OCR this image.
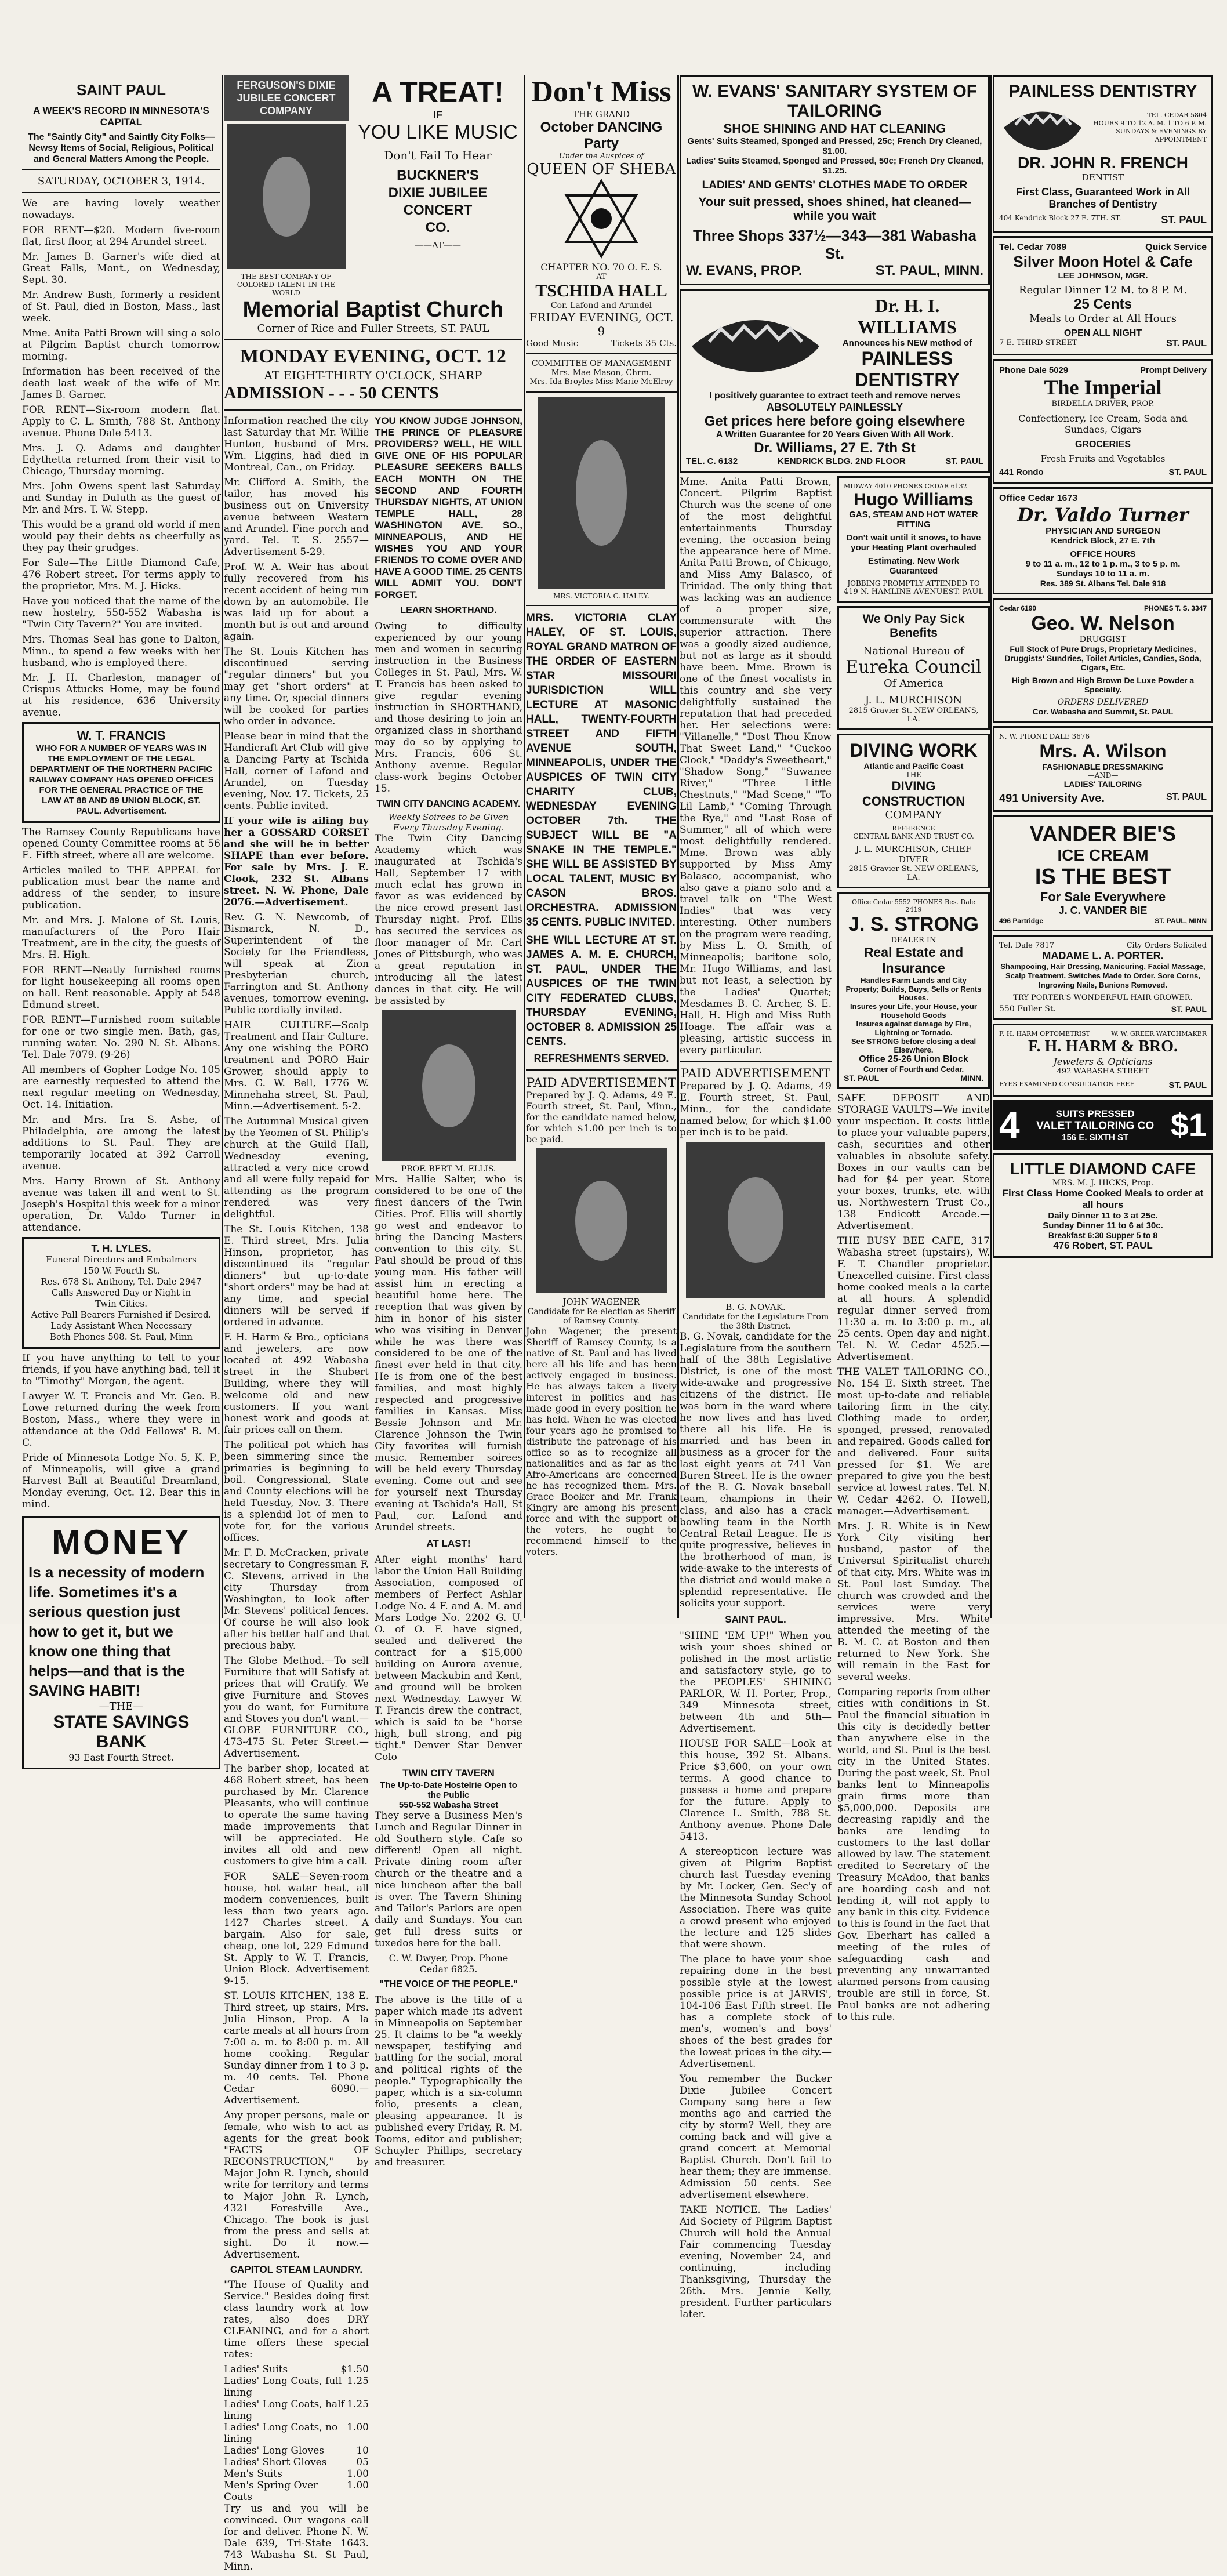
SAINT PAUL
A WEEK'S RECORD IN MINNESOTA'S CAPITAL
The "Saintly City" and Saintly City Folks—Newsy Items of Social, Religious, Political and General Matters Among the People.
SATURDAY, OCTOBER 3, 1914.

We are having lovely weather nowadays.

FOR RENT—$20. Modern five-room flat, first floor, at 294 Arundel street.

Mr. James B. Garner's wife died at Great Falls, Mont., on Wednesday, Sept. 30.

Mr. Andrew Bush, formerly a resident of St. Paul, died in Boston, Mass., last week.

Mme. Anita Patti Brown will sing a solo at Pilgrim Baptist church tomorrow morning.

Information has been received of the death last week of the wife of Mr. James B. Garner.

FOR RENT—Six-room modern flat. Apply to C. L. Smith, 788 St. Anthony avenue. Phone Dale 5413.

Mrs. J. Q. Adams and daughter Edythetta returned from their visit to Chicago, Thursday morning.

Mrs. John Owens spent last Saturday and Sunday in Duluth as the guest of Mr. and Mrs. T. W. Stepp.

This would be a grand old world if men would pay their debts as cheerfully as they pay their grudges.

For Sale—The Little Diamond Cafe, 476 Robert street. For terms apply to the proprietor, Mrs. M. J. Hicks.

Have you noticed that the name of the new hostelry, 550-552 Wabasha is "Twin City Tavern?" You are invited.

Mrs. Thomas Seal has gone to Dalton, Minn., to spend a few weeks with her husband, who is employed there.

Mr. J. H. Charleston, manager of Crispus Attucks Home, may be found at his residence, 636 University avenue.

W. T. FRANCIS
WHO FOR A NUMBER OF YEARS WAS IN THE EMPLOYMENT OF THE LEGAL DEPARTMENT OF THE NORTHERN PACIFIC RAILWAY COMPANY HAS OPENED OFFICES FOR THE GENERAL PRACTICE OF THE LAW AT 88 AND 89 UNION BLOCK, ST. PAUL. Advertisement.

The Ramsey County Republicans have opened County Committee rooms at 56 E. Fifth street, where all are welcome.

Articles mailed to THE APPEAL for publication must bear the name and address of the sender, to insure publication.

Mr. and Mrs. J. Malone of St. Louis, manufacturers of the Poro Hair Treatment, are in the city, the guests of Mrs. H. High.

FOR RENT—Neatly furnished rooms for light housekeeping all rooms open on hall. Rent reasonable. Apply at 548 Edmund street.

FOR RENT—Furnished room suitable for one or two single men. Bath, gas, running water. No. 290 N. St. Albans. Tel. Dale 7079. (9-26)

All members of Gopher Lodge No. 105 are earnestly requested to attend the next regular meeting on Wednesday, Oct. 14. Initiation.

Mr. and Mrs. Ira S. Ashe, of Philadelphia, are among the latest additions to St. Paul. They are temporarily located at 392 Carroll avenue.

Mrs. Harry Brown of St. Anthony avenue was taken ill and went to St. Joseph's Hospital this week for a minor operation, Dr. Valdo Turner in attendance.

T. H. LYLES.
Funeral Directors and Embalmers
150 W. Fourth St.
Res. 678 St. Anthony, Tel. Dale 2947
Calls Answered Day or Night in
Twin Cities.
Active Pall Bearers Furnished if Desired.
Lady Assistant When Necessary
Both Phones 508. St. Paul, Minn

If you have anything to tell to your friends, if you have anything bad, tell it to "Timothy" Morgan, the agent.

Lawyer W. T. Francis and Mr. Geo. B. Lowe returned during the week from Boston, Mass., where they were in attendance at the Odd Fellows' B. M. C.

Pride of Minnesota Lodge No. 5, K. P., of Minneapolis, will give a grand Harvest Ball at Beautiful Dreamland, Monday evening, Oct. 12. Bear this in mind.

MONEY
Is a necessity of modern life. Sometimes it's a serious question just how to get it, but we know one thing that helps—and that is the SAVING HABIT!
—THE—
STATE SAVINGS BANK
93 East Fourth Street.
FERGUSON'S DIXIE JUBILEE CONCERT COMPANY
THE BEST COMPANY OF COLORED TALENT IN THE WORLD
A TREAT!
IF
YOU LIKE MUSIC
Don't Fail To Hear
BUCKNER'S
DIXIE JUBILEE
CONCERT
CO.
——AT——
Memorial Baptist Church
Corner of Rice and Fuller Streets, ST. PAUL
MONDAY EVENING, OCT. 12
AT EIGHT-THIRTY O'CLOCK, SHARP
ADMISSION - - - 50 CENTS

Information reached the city last Saturday that Mr. Willie Hunton, husband of Mrs. Wm. Liggins, had died in Montreal, Can., on Friday.

Mr. Clifford A. Smith, the tailor, has moved his business out on University avenue between Western and Arundel. Fine porch and yard. Tel. T. S. 2557—Advertisement 5-29.

Prof. W. A. Weir has about fully recovered from his recent accident of being run down by an automobile. He was laid up for about a month but is out and around again.

The St. Louis Kitchen has discontinued serving "regular dinners" but you may get "short orders" at any time. Or, special dinners will be cooked for parties who order in advance.

Please bear in mind that the Handicraft Art Club will give a Dancing Party at Tschida Hall, corner of Lafond and Arundel, on Tuesday evening, Nov. 17. Tickets, 25 cents. Public invited.

If your wife is ailing buy her a GOSSARD CORSET and she will be in better SHAPE than ever before. For sale by Mrs. J. E. Clook, 232 St. Albans street. N. W. Phone, Dale 2076.—Advertisement.

Rev. G. N. Newcomb, of Bismarck, N. D., Superintendent of the Society for the Friendless, will speak at Zion Presbyterian church, Farrington and St. Anthony avenues, tomorrow evening. Public cordially invited.

HAIR CULTURE—Scalp Treatment and Hair Culture. Any one wishing the PORO treatment and PORO Hair Grower, should apply to Mrs. G. W. Bell, 1776 W. Minnehaha street, St. Paul, Minn.—Advertisement. 5-2.

The Autumnal Musical given by the Yeomen of St. Philip's church at the Guild Hall, Wednesday evening, attracted a very nice crowd and all were fully repaid for attending as the program rendered was very delightful.

The St. Louis Kitchen, 138 E. Third street, Mrs. Julia Hinson, proprietor, has discontinued its "regular dinners" but up-to-date "short orders" may be had at any time, and special dinners will be served if ordered in advance.

F. H. Harm & Bro., opticians and jewelers, are now located at 492 Wabasha street in the Shubert Building, where they will welcome old and new customers. If you want honest work and goods at fair prices call on them.

The political pot which has been simmering since the primaries is beginning to boil. Congressional, State and County elections will be held Tuesday, Nov. 3. There is a splendid lot of men to vote for, for the various offices.

Mr. F. D. McCracken, private secretary to Congressman F. C. Stevens, arrived in the city Thursday from Washington, to look after Mr. Stevens' political fences. Of course he will also look after his better half and that precious baby.

The Globe Method.—To sell Furniture that will Satisfy at prices that will Gratify. We give Furniture and Stoves you do want, for Furniture and Stoves you don't want.—GLOBE FURNITURE CO., 473-475 St. Peter Street.—Advertisement.

The barber shop, located at 468 Robert street, has been purchased by Mr. Clarence Pleasants, who will continue to operate the same having made improvements that will be appreciated. He invites all old and new customers to give him a call.

FOR SALE—Seven-room house, hot water heat, all modern conveniences, built less than two years ago. 1427 Charles street. A bargain. Also for sale, cheap, one lot, 229 Edmund St. Apply to W. T. Francis, Union Block. Advertisement 9-15.

ST. LOUIS KITCHEN, 138 E. Third street, up stairs, Mrs. Julia Hinson, Prop. A la carte meals at all hours from 7:00 a. m. to 8:00 p. m. All home cooking. Regular Sunday dinner from 1 to 3 p. m. 40 cents. Tel. Phone Cedar 6090.—Advertisement.

Any proper persons, male or female, who wish to act as agents for the great book "FACTS OF RECONSTRUCTION," by Major John R. Lynch, should write for territory and terms to Major John R. Lynch, 4321 Forestville Ave., Chicago. The book is just from the press and sells at sight. Do it now.—Advertisement.

CAPITOL STEAM LAUNDRY.

"The House of Quality and Service." Besides doing first class laundry work at low rates, also does DRY CLEANING, and for a short time offers these special rates:

Ladies' Suits	$1.50
Ladies' Long Coats, full lining
1.25
Ladies' Long Coats, half lining
1.25
Ladies' Long Coats, no lining
1.00
Ladies' Long Gloves	10
Ladies' Short Gloves	05
Men's Suits	1.00
Men's Spring Over Coats
1.00

Try us and you will be convinced. Our wagons call for and deliver. Phone N. W. Dale 639, Tri-State 1643. 743 Wabasha St. St Paul, Minn.

YOU KNOW JUDGE JOHNSON, THE PRINCE OF PLEASURE PROVIDERS? WELL, HE WILL GIVE ONE OF HIS POPULAR PLEASURE SEEKERS BALLS EACH MONTH ON THE SECOND AND FOURTH THURSDAY NIGHTS, AT UNION TEMPLE HALL, 28 WASHINGTON AVE. SO., MINNEAPOLIS, AND HE WISHES YOU AND YOUR FRIENDS TO COME OVER AND HAVE A GOOD TIME. 25 CENTS WILL ADMIT YOU. DON'T FORGET.

LEARN SHORTHAND.

Owing to difficulty experienced by our young men and women in securing instruction in the Business Colleges in St. Paul, Mrs. W. T. Francis has been asked to give regular evening instruction in SHORTHAND, and those desiring to join an organized class in shorthand may do so by applying to Mrs. Francis, 606 St. Anthony avenue. Regular class-work begins October 15.

TWIN CITY DANCING ACADEMY.
Weekly Soirees to be Given Every Thursday Evening.

The Twin City Dancing Academy which was inaugurated at Tschida's Hall, September 17 with much eclat has grown in favor as was evidenced by the nice crowd present last Thursday night. Prof. Ellis has secured the services as floor manager of Mr. Carl Jones of Pittsburgh, who was a great reputation in introducing all the latest dances in that city. He will be assisted by

PROF. BERT M. ELLIS.

Mrs. Hallie Salter, who is considered to be one of the finest dancers of the Twin Cities. Prof. Ellis will shortly go west and endeavor to bring the Dancing Masters convention to this city. St. Paul should be proud of this young man. His father will assist him in erecting a beautiful home here. The reception that was given by him in honor of his sister who was visiting in Denver while he was there was considered to be one of the finest ever held in that city. He is from one of the best families, and most highly respected and progressive families in Kansas. Miss Bessie Johnson and Mr. Clarence Johnson the Twin City favorites will furnish music. Remember soirees will be held every Thursday evening. Come out and see for yourself next Thursday evening at Tschida's Hall, St Paul, cor. Lafond and Arundel streets.

AT LAST!

After eight months' hard labor the Union Hall Building Association, composed of members of Perfect Ashlar Lodge No. 4 F. and A. M. and Mars Lodge No. 2202 G. U. O. of O. F. have signed, sealed and delivered the contract for a $15,000 building on Aurora avenue, between Mackubin and Kent, and ground will be broken next Wednesday. Lawyer W. T. Francis drew the contract, which is said to be "horse high, bull strong, and pig tight." Denver Star Denver Colo

TWIN CITY TAVERN
The Up-to-Date Hostelrie Open to the Public
550-552 Wabasha Street

They serve a Business Men's Lunch and Regular Dinner in old Southern style. Cafe so different! Open all night. Private dining room after church or the theatre and a nice luncheon after the ball is over. The Tavern Shining and Tailor's Parlors are open daily and Sundays. You can get full dress suits or tuxedos here for the ball.

C. W. Dwyer, Prop. Phone Cedar 6825.
"THE VOICE OF THE PEOPLE."

The above is the title of a paper which made its advent in Minneapolis on September 25. It claims to be "a weekly newspaper, testifying and battling for the social, moral and political rights of the people." Typographically the paper, which is a six-column folio, presents a clean, pleasing appearance. It is published every Friday, R. M. Tooms, editor and publisher; Schuyler Phillips, secretary and treasurer.

Don't Miss
THE GRAND
October DANCING Party
Under the Auspices of
QUEEN OF SHEBA
CHAPTER NO. 70 O. E. S.
——AT——
TSCHIDA HALL
Cor. Lafond and Arundel
FRIDAY EVENING, OCT. 9
Good Music	Tickets 35 Cts.
COMMITTEE OF MANAGEMENT
Mrs. Mae Mason, Chrm.
Mrs. Ida Broyles Miss Marie McElroy
MRS. VICTORIA C. HALEY.

MRS. VICTORIA CLAY HALEY, OF ST. LOUIS, ROYAL GRAND MATRON OF THE ORDER OF EASTERN STAR MISSOURI JURISDICTION WILL LECTURE AT MASONIC HALL, TWENTY-FOURTH STREET AND FIFTH AVENUE SOUTH, MINNEAPOLIS, UNDER THE AUSPICES OF TWIN CITY CHARITY CLUB, WEDNESDAY EVENING OCTOBER 7th. THE SUBJECT WILL BE "A SNAKE IN THE TEMPLE." SHE WILL BE ASSISTED BY LOCAL TALENT, MUSIC BY CASON BROS. ORCHESTRA. ADMISSION 35 CENTS. PUBLIC INVITED.

SHE WILL LECTURE AT ST. JAMES A. M. E. CHURCH, ST. PAUL, UNDER THE AUSPICES OF THE TWIN CITY FEDERATED CLUBS, THURSDAY EVENING, OCTOBER 8. ADMISSION 25 CENTS.

REFRESHMENTS SERVED.
PAID ADVERTISEMENT

Prepared by J. Q. Adams, 49 E. Fourth street, St. Paul, Minn., for the candidate named below, for which $1.00 per inch is to be paid.

JOHN WAGENER
Candidate for Re-election as Sheriff of Ramsey County.

John Wagener, the present Sheriff of Ramsey County, is a native of St. Paul and has lived here all his life and has been actively engaged in business. He has always taken a lively interest in politics and has made good in every position he has held. When he was elected four years ago he promised to distribute the patronage of his office so as to recognize all nationalities and as far as the Afro-Americans are concerned he has recognized them. Mrs. Grace Booker and Mr. Frank Kingry are among his present force and with the support of the voters, he ought to recommend himself to the voters.

W. EVANS' SANITARY SYSTEM OF TAILORING
SHOE SHINING AND HAT CLEANING
Gents' Suits Steamed, Sponged and Pressed, 25c; French Dry Cleaned, $1.00.
Ladies' Suits Steamed, Sponged and Pressed, 50c; French Dry Cleaned, $1.25.
LADIES' AND GENTS' CLOTHES MADE TO ORDER
Your suit pressed, shoes shined, hat cleaned—while you wait
Three Shops 337½—343—381 Wabasha St.
W. EVANS, PROP.	ST. PAUL, MINN.
Dr. H. I. WILLIAMS
Announces his NEW method of
PAINLESS DENTISTRY
I positively guarantee to extract teeth and remove nerves
ABSOLUTELY PAINLESSLY
Get prices here before going elsewhere
A Written Guarantee for 20 Years Given With All Work.
Dr. Williams, 27 E. 7th St
TEL. C. 6132	KENDRICK BLDG. 2ND FLOOR	ST. PAUL

Mme. Anita Patti Brown, Concert. Pilgrim Baptist Church was the scene of one of the most delightful entertainments Thursday evening, the occasion being the appearance here of Mme. Anita Patti Brown, of Chicago, and Miss Amy Balasco, of Trinidad. The only thing that was lacking was an audience of a proper size, commensurate with the superior attraction. There was a goodly sized audience, but not as large as it should have been. Mme. Brown is one of the finest vocalists in this country and she very delightfully sustained the reputation that had preceded her. Her selections were: "Villanelle," "Dost Thou Know That Sweet Land," "Cuckoo Clock," "Daddy's Sweetheart," "Shadow Song," "Suwanee River," "Three Little Chestnuts," "Mad Scene," "To Lil Lamb," "Coming Through the Rye," and "Last Rose of Summer," all of which were most delightfully rendered. Mme. Brown was ably supported by Miss Amy Balasco, accompanist, who also gave a piano solo and a travel talk on "The West Indies" that was very interesting. Other numbers on the program were reading, by Miss L. O. Smith, of Minneapolis; baritone solo, Mr. Hugo Williams, and last but not least, a selection by the Ladies' Quartet; Mesdames B. C. Archer, S. E. Hall, H. High and Miss Ruth Hoage. The affair was a pleasing, artistic success in every particular.

PAID ADVERTISEMENT

Prepared by J. Q. Adams, 49 E. Fourth street, St. Paul, Minn., for the candidate named below, for which $1.00 per inch is to be paid.

B. G. NOVAK.
Candidate for the Legislature From the 38th District.

B. G. Novak, candidate for the Legislature from the southern half of the 38th Legislative District, is one of the most wide-awake and progressive citizens of the district. He was born in the ward where he now lives and has lived there all his life. He is married and has been in business as a grocer for the last eight years at 741 Van Buren Street. He is the owner of the B. G. Novak baseball team, champions in their class, and also has a crack bowling team in the North Central Retail League. He is quite progressive, believes in the brotherhood of man, is wide-awake to the interests of the district and would make a splendid representative. He solicits your support.

SAINT PAUL.

"SHINE 'EM UP!" When you wish your shoes shined or polished in the most artistic and satisfactory style, go to the PEOPLES' SHINING PARLOR, W. H. Porter, Prop., 349 Minnesota street, between 4th and 5th—Advertisement.

HOUSE FOR SALE—Look at this house, 392 St. Albans. Price $3,600, on your own terms. A good chance to possess a home and prepare for the future. Apply to Clarence L. Smith, 788 St. Anthony avenue. Phone Dale 5413.

A stereopticon lecture was given at Pilgrim Baptist church last Tuesday evening by Mr. Locker, Gen. Sec'y of the Minnesota Sunday School Association. There was quite a crowd present who enjoyed the lecture and 125 slides that were shown.

The place to have your shoe repairing done in the best possible style at the lowest possible price is at JARVIS', 104-106 East Fifth street. He has a complete stock of men's, women's and boys' shoes of the best grades for the lowest prices in the city.—Advertisement.

You remember the Bucker Dixie Jubilee Concert Company sang here a few months ago and carried the city by storm? Well, they are coming back and will give a grand concert at Memorial Baptist Church. Don't fail to hear them; they are immense. Admission 50 cents. See advertisement elsewhere.

TAKE NOTICE. The Ladies' Aid Society of Pilgrim Baptist Church will hold the Annual Fair commencing Tuesday evening, November 24, and continuing, including Thanksgiving, Thursday the 26th. Mrs. Jennie Kelly, president. Further particulars later.

MIDWAY 4010 PHONES CEDAR 6132
Hugo Williams
GAS, STEAM AND HOT WATER FITTING
Don't wait until it snows, to have your Heating Plant overhauled
Estimating. New Work Guaranteed
JOBBING PROMPTLY ATTENDED TO
419 N. HAMLINE AVENUE ST. PAUL
We Only Pay Sick Benefits
National Bureau of
Eureka Council
Of America
J. L. MURCHISON
2815 Gravier St. NEW ORLEANS, LA.
DIVING WORK
Atlantic and Pacific Coast
—THE—
DIVING CONSTRUCTION
COMPANY
REFERENCE
CENTRAL BANK AND TRUST CO.
J. L. MURCHISON, CHIEF DIVER
2815 Gravier St. NEW ORLEANS, LA.
Office Cedar 5552 PHONES Res. Dale 2419
J. S. STRONG
DEALER IN
Real Estate and Insurance
Handles Farm Lands and City Property; Builds, Buys, Sells or Rents Houses.
Insures your Life, your House, your Household Goods
Insures against damage by Fire, Lightning or Tornado.
See STRONG before closing a deal Elsewhere.
Office 25-26 Union Block
Corner of Fourth and Cedar.
ST. PAUL	MINN.

SAFE DEPOSIT AND STORAGE VAULTS—We invite your inspection. It costs little to place your valuable papers, cash, securities and other valuables in absolute safety. Boxes in our vaults can be had for $4 per year. Store your boxes, trunks, etc. with us. Northwestern Trust Co., 138 Endicott Arcade.—Advertisement.

THE BUSY BEE CAFE, 317 Wabasha street (upstairs), W. F. T. Chandler proprietor. Unexcelled cuisine. First class home cooked meals a la carte at all hours. A splendid regular dinner served from 11:30 a. m. to 3:00 p. m., at 25 cents. Open day and night. Tel. N. W. Cedar 4525.—Advertisement.

THE VALET TAILORING CO., No. 154 E. Sixth street. The most up-to-date and reliable tailoring firm in the city. Clothing made to order, sponged, pressed, renovated and repaired. Goods called for and delivered. Four suits pressed for $1. We are prepared to give you the best service at lowest rates. Tel. N. W. Cedar 4262. O. Howell, manager.—Advertisement.

Mrs. J. R. White is in New York City visiting her husband, pastor of the Universal Spiritualist church of that city. Mrs. White was in St. Paul last Sunday. The church was crowded and the services were very impressive. Mrs. White attended the meeting of the B. M. C. at Boston and then returned to New York. She will remain in the East for several weeks.

Comparing reports from other cities with conditions in St. Paul the financial situation in this city is decidedly better than anywhere else in the world, and St. Paul is the best city in the United States. During the past week, St. Paul banks lent to Minneapolis grain firms more than $5,000,000. Deposits are decreasing rapidly and the banks are lending to customers to the last dollar allowed by law. The statement credited to Secretary of the Treasury McAdoo, that banks are hoarding cash and not lending it, will not apply to any bank in this city. Evidence to this is found in the fact that Gov. Eberhart has called a meeting of the rules of safeguarding cash and preventing any unwarranted alarmed persons from causing trouble are still in force, St. Paul banks are not adhering to this rule.

PAINLESS DENTISTRY
TEL. CEDAR 5804
HOURS 9 TO 12 A. M. 1 TO 6 P. M.
SUNDAYS & EVENINGS BY APPOINTMENT
DR. JOHN R. FRENCH
DENTIST
First Class, Guaranteed Work in All Branches of Dentistry
404 Kendrick Block 27 E. 7TH. ST.	ST. PAUL
Tel. Cedar 7089	Quick Service
Silver Moon Hotel & Cafe
LEE JOHNSON, MGR.
Regular Dinner 12 M. to 8 P. M.
25 Cents
Meals to Order at All Hours
OPEN ALL NIGHT
7 E. THIRD STREET	ST. PAUL
Phone Dale 5029	Prompt Delivery
The Imperial
BIRDELLA DRIVER, PROP.
Confectionery, Ice Cream, Soda and Sundaes, Cigars
GROCERIES
Fresh Fruits and Vegetables
441 Rondo	ST. PAUL
Office Cedar 1673
Dr. Valdo Turner
PHYSICIAN AND SURGEON
Kendrick Block, 27 E. 7th
OFFICE HOURS
9 to 11 a. m., 12 to 1 p. m., 3 to 5 p. m.
Sundays 10 to 11 a. m.
Res. 389 St. Albans Tel. Dale 918
Cedar 6190	PHONES T. S. 3347
Geo. W. Nelson
DRUGGIST
Full Stock of Pure Drugs, Proprietary Medicines, Druggists' Sundries, Toilet Articles, Candies, Soda, Cigars, Etc.
High Brown and High Brown De Luxe Powder a Specialty.
ORDERS DELIVERED
Cor. Wabasha and Summit, St. PAUL
N. W. PHONE DALE 3676
Mrs. A. Wilson
FASHIONABLE DRESSMAKING
—AND—
LADIES' TAILORING
491 University Ave.	ST. PAUL
VANDER BIE'S
ICE CREAM
IS THE BEST
For Sale Everywhere
J. C. VANDER BIE
496 Partridge	ST. PAUL, MINN
Tel. Dale 7817	City Orders Solicited
MADAME L. A. PORTER.
Shampooing, Hair Dressing, Manicuring, Facial Massage, Scalp Treatment. Switches Made to Order. Sore Corns, Ingrowing Nails, Bunions Removed.
TRY PORTER'S WONDERFUL HAIR GROWER.
550 Fuller St.	ST. PAUL
F. H. HARM OPTOMETRIST	W. W. GREER WATCHMAKER
F. H. HARM & BRO.
Jewelers & Opticians
492 WABASHA STREET
EYES EXAMINED CONSULTATION FREE	ST. PAUL
4	SUITS PRESSED
VALET TAILORING CO
156 E. SIXTH ST	$1
LITTLE DIAMOND CAFE
MRS. M. J. HICKS, Prop.
First Class Home Cooked Meals to order at all hours
Daily Dinner 11 to 3 at 25c.
Sunday Dinner 11 to 6 at 30c.
Breakfast 6:30 Supper 5 to 8
476 Robert, ST. PAUL
